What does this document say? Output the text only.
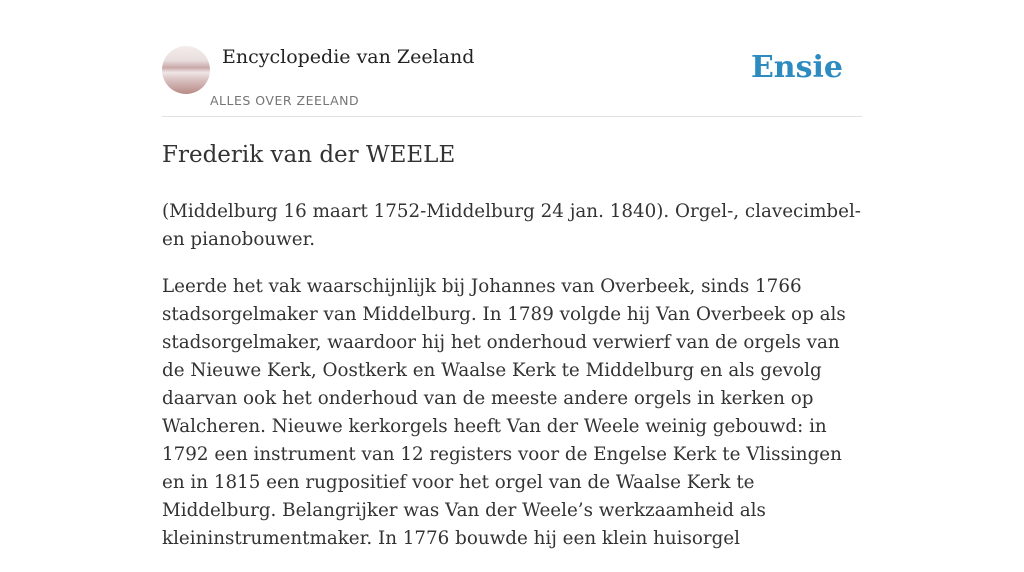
Encyclopedie van Zeeland
ALLES OVER ZEELAND
Ensie
Frederik van der WEELE

(Middelburg 16 maart 1752-Middelburg 24 jan. 1840). Orgel-, clavecimbel- en pianobouwer.

Leerde het vak waarschijnlijk bij Johannes van Overbeek, sinds 1766 stadsorgelmaker van Middelburg. In 1789 volgde hij Van Overbeek op als stadsorgelmaker, waardoor hij het onderhoud verwierf van de orgels van de Nieuwe Kerk, Oostkerk en Waalse Kerk te Middelburg en als gevolg daarvan ook het onderhoud van de meeste andere orgels in kerken op Walcheren. Nieuwe kerkorgels heeft Van der Weele weinig gebouwd: in 1792 een instrument van 12 registers voor de Engelse Kerk te Vlissingen en in 1815 een rugpositief voor het orgel van de Waalse Kerk te Middelburg. Belangrijker was Van der Weele’s werkzaamheid als kleininstrumentmaker. In 1776 bouwde hij een klein huisorgel
